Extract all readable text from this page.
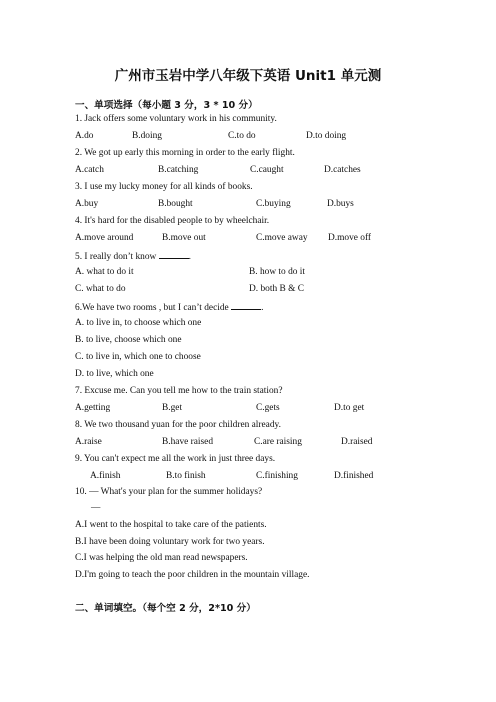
广州市玉岩中学八年级下英语 Unit1 单元测
一、单项选择（每小题 3 分，3 * 10 分）
1. Jack offers some voluntary work in his community.
A.do	B.doing	C.to do	D.to doing
2. We got up early this morning in order to the early flight.
A.catch	B.catching	C.caught	D.catches
3. I use my lucky money for all kinds of books.
A.buy	B.bought	C.buying	D.buys
4. It's hard for the disabled people to by wheelchair.
A.move around	B.move out	C.move away D.move off
5. I really don’t know	.
A. what to do it	B. how to do it
C. what to do	D. both B & C
6.We have two rooms , but I can’t decide	.
A. to live in, to choose which one
B. to live, choose which one
C. to live in, which one to choose
D. to live, which one
7. Excuse me. Can you tell me how to the train station?
A.getting	B.get	C.gets	D.to get
8. We two thousand yuan for the poor children already.
A.raise	B.have raised	C.are raising	D.raised
9. You can't expect me all the work in just three days.
A.finish	B.to finish	C.finishing	D.finished
10. — What's your plan for the summer holidays?
—
A.I went to the hospital to take care of the patients.
B.I have been doing voluntary work for two years.
C.I was helping the old man read newspapers.
D.I'm going to teach the poor children in the mountain village.
二、单词填空。（每个空 2 分，2*10 分）
